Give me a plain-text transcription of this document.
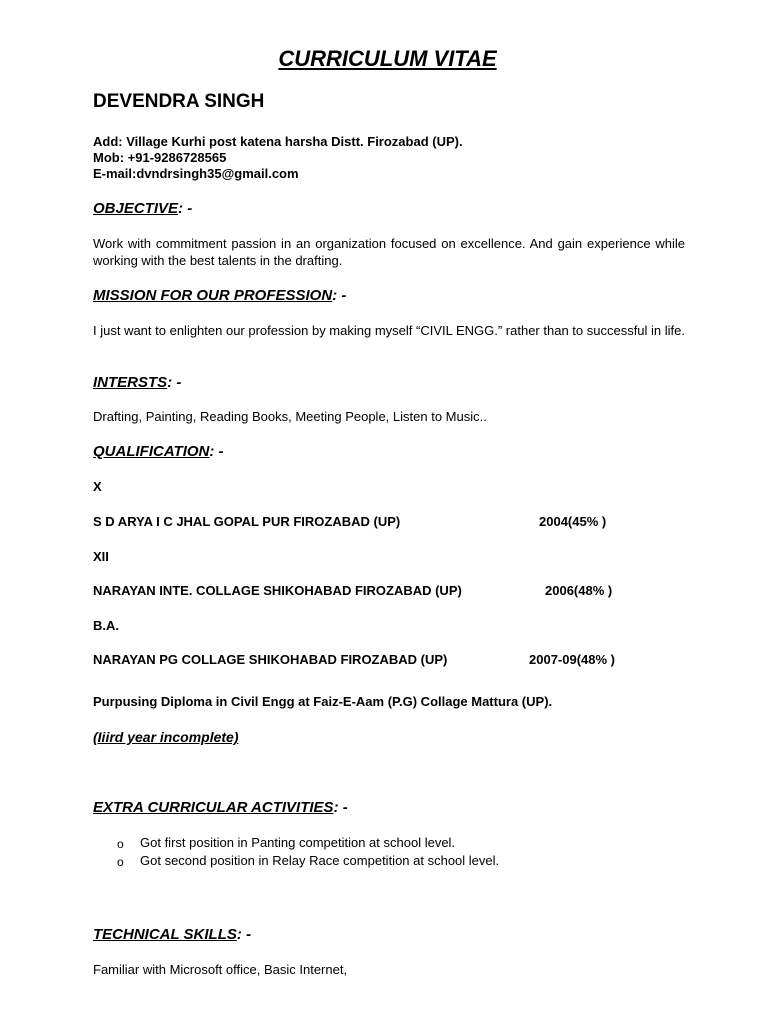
CURRICULUM VITAE
DEVENDRA SINGH
Add: Village Kurhi post katena harsha Distt. Firozabad (UP).
Mob: +91-9286728565
E-mail:dvndrsingh35@gmail.com
OBJECTIVE: -
Work with commitment passion in an organization focused on excellence. And gain experience while working with the best talents in the drafting.
MISSION FOR OUR PROFESSION: -
I just want to enlighten our profession by making myself “CIVIL ENGG.” rather than to successful in life.
INTERSTS: -
Drafting, Painting, Reading Books, Meeting People, Listen to Music..
QUALIFICATION: -
X
S D ARYA I C JHAL GOPAL PUR FIROZABAD (UP)	2004(45% )
XII
NARAYAN INTE. COLLAGE SHIKOHABAD FIROZABAD (UP)	2006(48% )
B.A.
NARAYAN PG COLLAGE SHIKOHABAD FIROZABAD (UP)	2007-09(48% )
Purpusing Diploma in Civil Engg at Faiz-E-Aam (P.G) Collage Mattura (UP).
(Iiird year incomplete)
EXTRA CURRICULAR ACTIVITIES: -
o Got first position in Panting competition at school level.
o Got second position in Relay Race competition at school level.
TECHNICAL SKILLS: -
Familiar with Microsoft office, Basic Internet,
